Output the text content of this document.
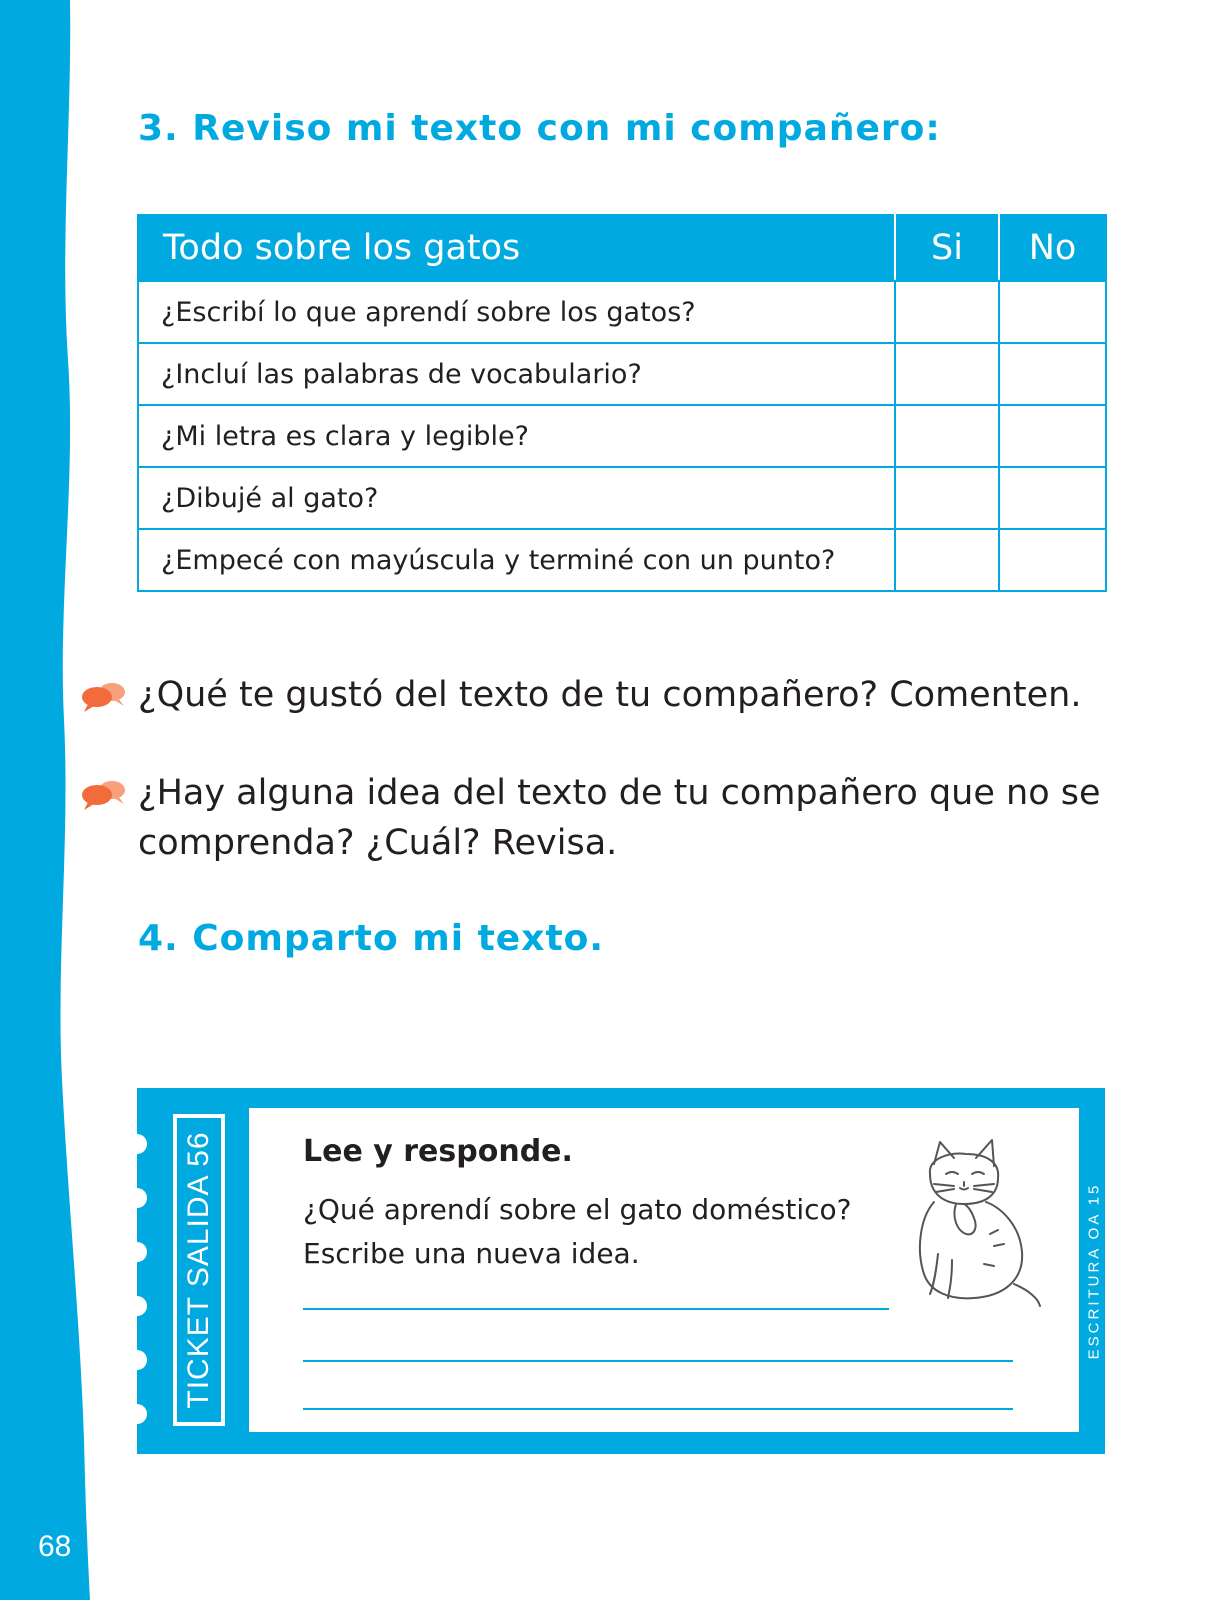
68
3. Reviso mi texto con mi compañero:
Todo sobre los gatos	Si	No
¿Escribí lo que aprendí sobre los gatos?		
¿Incluí las palabras de vocabulario?		
¿Mi letra es clara y legible?		
¿Dibujé al gato?		
¿Empecé con mayúscula y terminé con un punto?		
¿Qué te gustó del texto de tu compañero? Comenten.
¿Hay alguna idea del texto de tu compañero que no se comprenda? ¿Cuál? Revisa.
4. Comparto mi texto.
TICKET SALIDA 56	Lee y responde.
¿Qué aprendí sobre el gato doméstico? Escribe una nueva idea.	ESCRITURA OA 15
